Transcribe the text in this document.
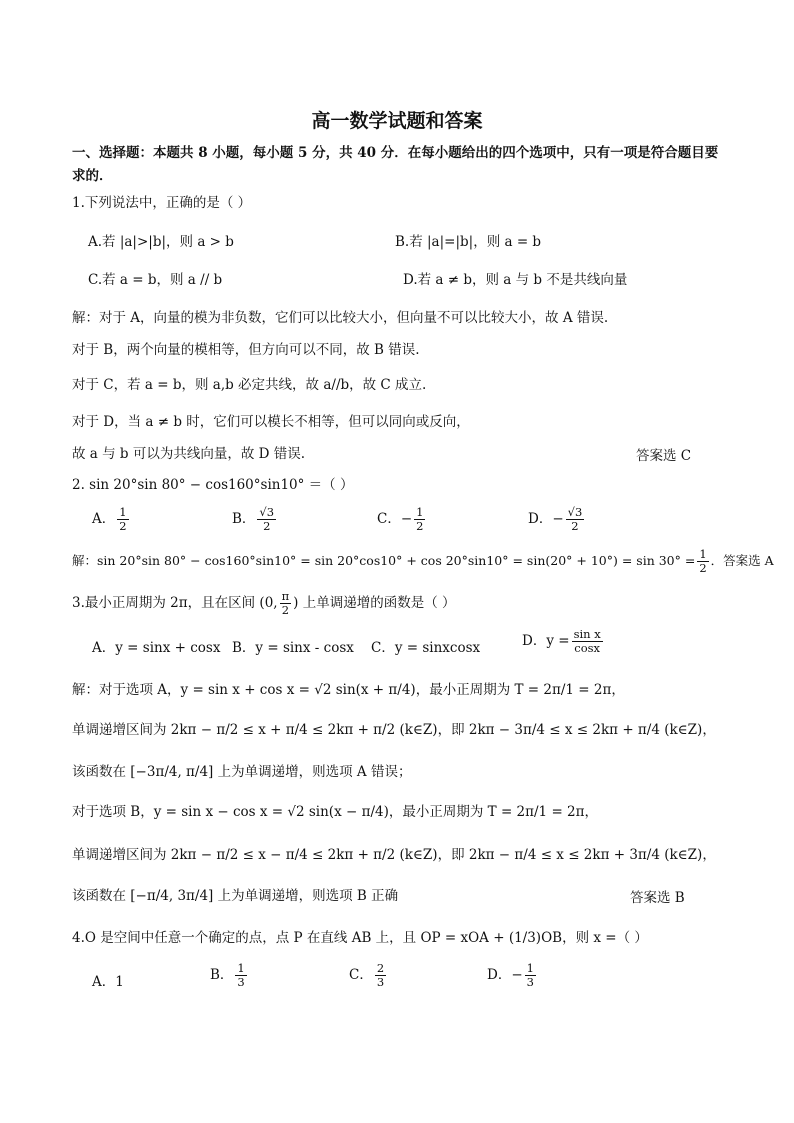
高一数学试题和答案
一、选择题：本题共 8 小题，每小题 5 分，共 40 分．在每小题给出的四个选项中，只有一项是符合题目要
求的．
1.下列说法中，正确的是（ ）
A.若 |a|>|b|，则 a > b	B.若 |a|=|b|，则 a = b
C.若 a = b，则 a // b	D.若 a ≠ b，则 a 与 b 不是共线向量
解：对于 A，向量的模为非负数，它们可以比较大小，但向量不可以比较大小，故 A 错误.
对于 B，两个向量的模相等，但方向可以不同，故 B 错误.
对于 C，若 a = b，则 a,b 必定共线，故 a//b，故 C 成立.
对于 D，当 a ≠ b 时，它们可以模长不相等，但可以同向或反向，
故 a 与 b 可以为共线向量，故 D 错误.	答案选 C
2. sin 20°sin 80° − cos160°sin10° ＝（ ）
A． $\frac{1}{2}$	B． $\frac{√3}{2}$	C．− $\frac{1}{2}$	D．− $\frac{√3}{2}$
解：sin 20°sin $80^\circ - \cos 160^\circ\sin 10^\circ = \sin 20^\circ\cos 10^\circ + \cos 20^\circ\sin 10^\circ = \sin(20^\circ + 10^\circ) = \sin 30^\circ = \frac{1}{2}$ ．答案选 A
3.最小正周期为 2π，且在区间 (0, $\frac{\pi}{2}$ ) 上单调递增的函数是（ ）
A．y = sinx + cosx B．y = sinx - cosx C．y = sinxcosx	D．$y = \frac{\text{sin x}}{\cos x}$
解：对于选项 A，y = sin x + cos x = √2 sin(x + π/4)，最小正周期为 T = 2π/1 = 2π，
单调递增区间为 2kπ − π/2 ≤ x + π/4 ≤ 2kπ + π/2 (k∈Z)，即 2kπ − 3π/4 ≤ x ≤ 2kπ + π/4 (k∈Z)，
该函数在 [−3π/4, π/4] 上为单调递增，则选项 A 错误；
对于选项 B，y = sin x − cos x = √2 sin(x − π/4)，最小正周期为 T = 2π/1 = 2π，
单调递增区间为 2kπ − π/2 ≤ x − π/4 ≤ 2kπ + π/2 (k∈Z)，即 2kπ − π/4 ≤ x ≤ 2kπ + 3π/4 (k∈Z)，
该函数在 [−π/4, 3π/4] 上为单调递增，则选项 B 正确	答案选 B
4.O 是空间中任意一个确定的点，点 P 在直线 AB 上，且 OP = xOA + (1/3)OB，则 x =（ ）
A．1	B． $\frac{1}{3}$	C． $\frac{2}{3}$	D．− $\frac{1}{3}$
